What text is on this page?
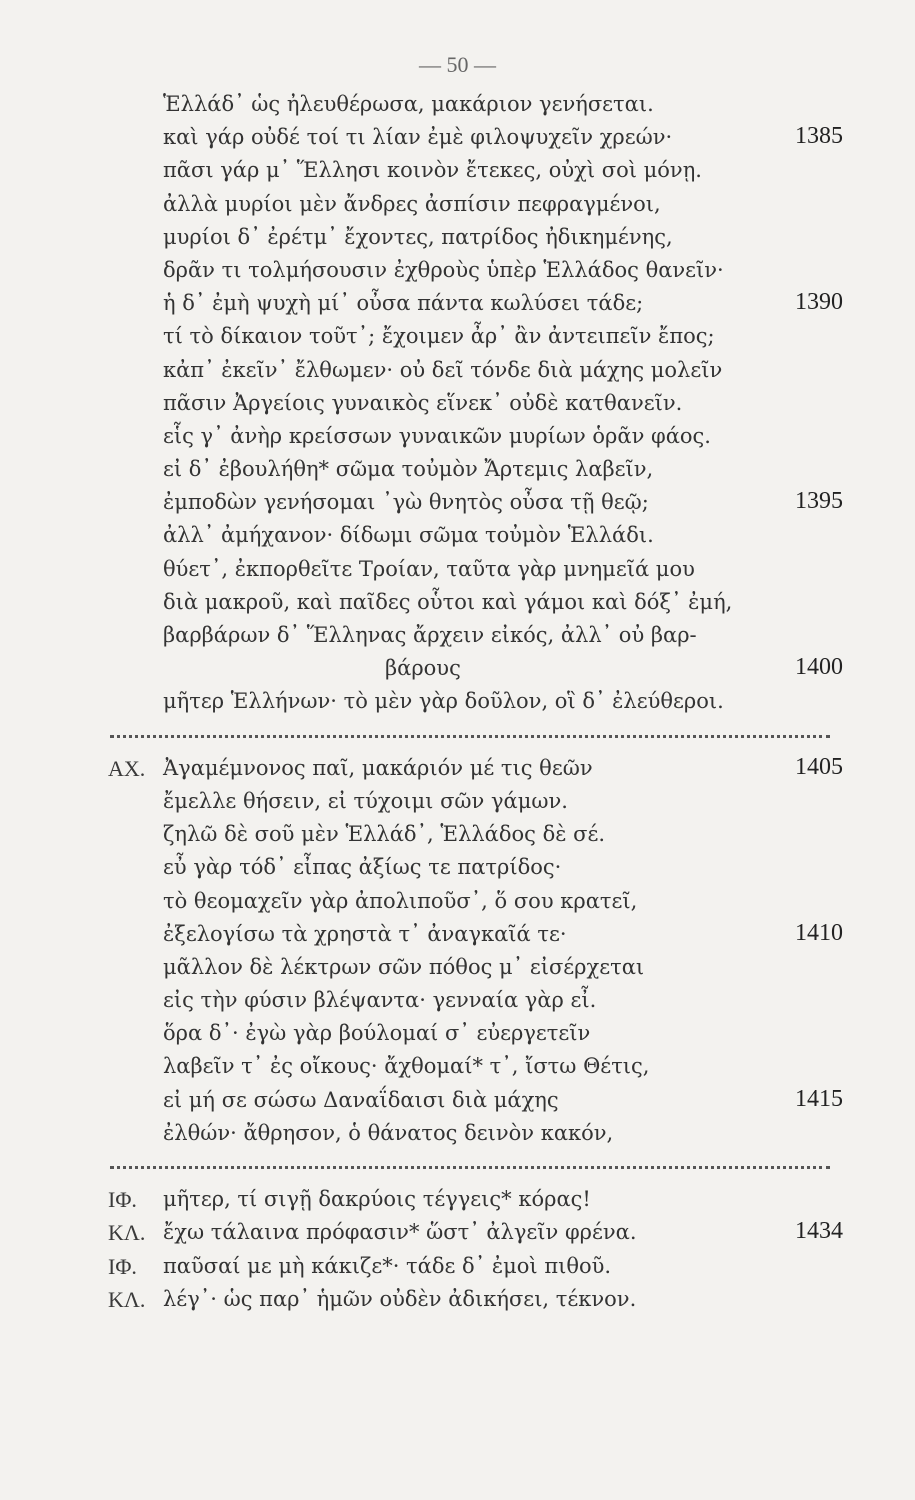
— 50 —
Ἑλλάδ᾽ ὡς ἠλευθέρωσα, μακάριον γενήσεται.
καὶ γάρ οὐδέ τοί τι λίαν ἐμὲ φιλοψυχεῖν χρεών·	1385
πᾶσι γάρ μ᾽ Ἕλλησι κοινὸν ἔτεκες, οὐχὶ σοὶ μόνῃ.
ἀλλὰ μυρίοι μὲν ἄνδρες ἀσπίσιν πεφραγμένοι,
μυρίοι δ᾽ ἐρέτμ᾽ ἔχοντες, πατρίδος ἠδικημένης,
δρᾶν τι τολμήσουσιν ἐχθροὺς ὑπὲρ Ἑλλάδος θανεῖν·
ἡ δ᾽ ἐμὴ ψυχὴ μί᾽ οὖσα πάντα κωλύσει τάδε;	1390
τί τὸ δίκαιον τοῦτ᾽; ἔχοιμεν ἆρ᾽ ἂν ἀντειπεῖν ἔπος;
κἀπ᾽ ἐκεῖν᾽ ἔλθωμεν· οὐ δεῖ τόνδε διὰ μάχης μολεῖν
πᾶσιν Ἀργείοις γυναικὸς εἵνεκ᾽ οὐδὲ κατθανεῖν.
εἷς γ᾽ ἀνὴρ κρείσσων γυναικῶν μυρίων ὁρᾶν φάος.
εἰ δ᾽ ἐβουλήθη* σῶμα τοὐμὸν Ἄρτεμις λαβεῖν,
ἐμποδὼν γενήσομαι ᾽γὼ θνητὸς οὖσα τῇ θεῷ;	1395
ἀλλ᾽ ἀμήχανον· δίδωμι σῶμα τοὐμὸν Ἑλλάδι.
θύετ᾽, ἐκπορθεῖτε Τροίαν, ταῦτα γὰρ μνημεῖά μου
διὰ μακροῦ, καὶ παῖδες οὗτοι καὶ γάμοι καὶ δόξ᾽ ἐμή,
βαρβάρων δ᾽ Ἕλληνας ἄρχειν εἰκός, ἀλλ᾽ οὐ βαρ-
βάρους	1400
μῆτερ Ἑλλήνων· τὸ μὲν γὰρ δοῦλον, οἳ δ᾽ ἐλεύθεροι.
ΑΧ. Ἀγαμέμνονος παῖ, μακάριόν μέ τις θεῶν	1405
ἔμελλε θήσειν, εἰ τύχοιμι σῶν γάμων.
ζηλῶ δὲ σοῦ μὲν Ἑλλάδ᾽, Ἑλλάδος δὲ σέ.
εὖ γὰρ τόδ᾽ εἶπας ἀξίως τε πατρίδος·
τὸ θεομαχεῖν γὰρ ἀπολιποῦσ᾽, ὅ σου κρατεῖ,
ἐξελογίσω τὰ χρηστὰ τ᾽ ἀναγκαῖά τε·	1410
μᾶλλον δὲ λέκτρων σῶν πόθος μ᾽ εἰσέρχεται
εἰς τὴν φύσιν βλέψαντα· γενναία γὰρ εἶ.
ὅρα δ᾽· ἐγὼ γὰρ βούλομαί σ᾽ εὐεργετεῖν
λαβεῖν τ᾽ ἐς οἴκους· ἄχθομαί* τ᾽, ἴστω Θέτις,
εἰ μή σε σώσω Δαναΐδαισι διὰ μάχης	1415
ἐλθών· ἄθρησον, ὁ θάνατος δεινὸν κακόν,
ΙΦ. μῆτερ, τί σιγῇ δακρύοις τέγγεις* κόρας!
ΚΛ. ἔχω τάλαινα πρόφασιν* ὥστ᾽ ἀλγεῖν φρένα.	1434
ΙΦ. παῦσαί με μὴ κάκιζε*· τάδε δ᾽ ἐμοὶ πιθοῦ.
ΚΛ. λέγ᾽· ὡς παρ᾽ ἡμῶν οὐδὲν ἀδικήσει, τέκνον.
